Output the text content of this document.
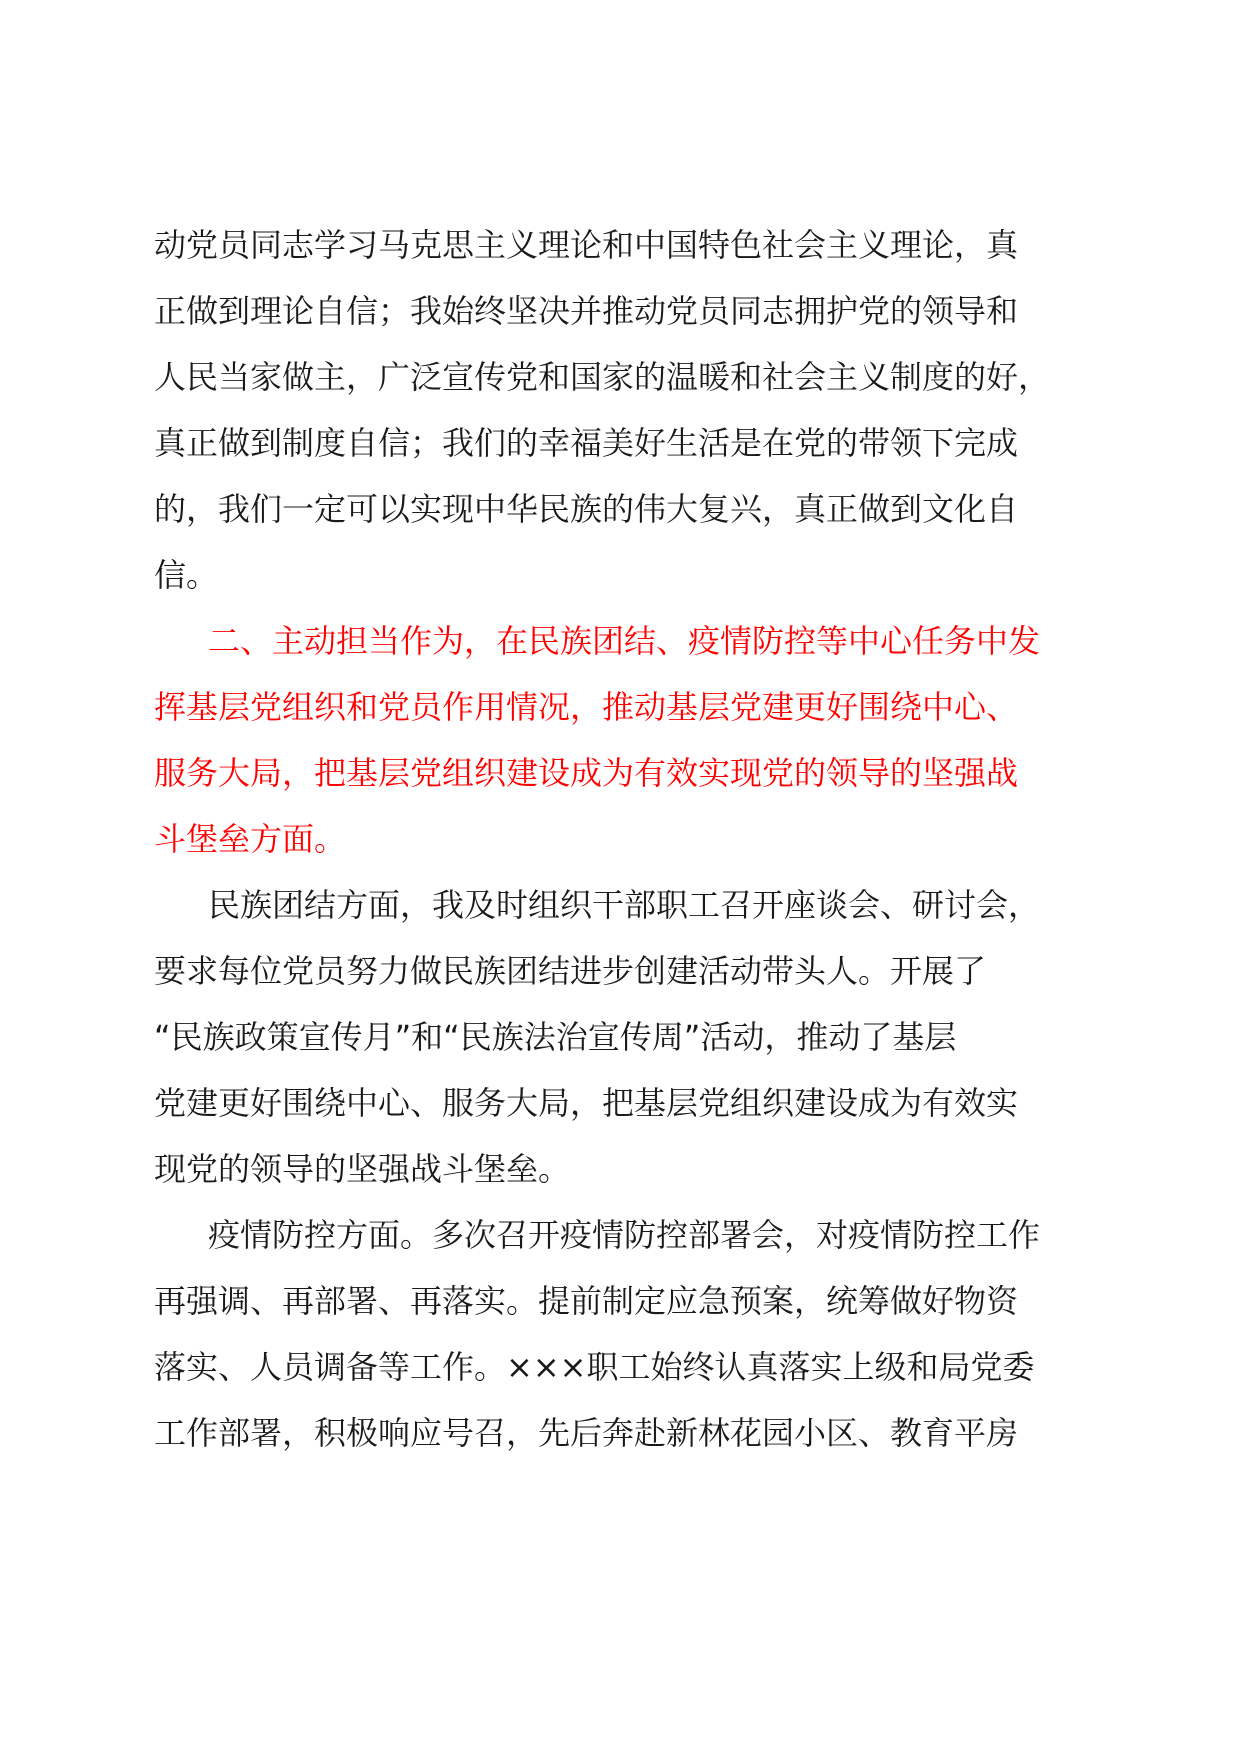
动党员同志学习马克思主义理论和中国特色社会主义理论，真
正做到理论自信；我始终坚决并推动党员同志拥护党的领导和
人民当家做主，广泛宣传党和国家的温暖和社会主义制度的好，
真正做到制度自信；我们的幸福美好生活是在党的带领下完成
的，我们一定可以实现中华民族的伟大复兴，真正做到文化自
信。
二、主动担当作为，在民族团结、疫情防控等中心任务中发
挥基层党组织和党员作用情况，推动基层党建更好围绕中心、
服务大局，把基层党组织建设成为有效实现党的领导的坚强战
斗堡垒方面。
民族团结方面，我及时组织干部职工召开座谈会、研讨会，
要求每位党员努力做民族团结进步创建活动带头人。开展了
“民族政策宣传月”和“民族法治宣传周”活动，推动了基层
党建更好围绕中心、服务大局，把基层党组织建设成为有效实
现党的领导的坚强战斗堡垒。
疫情防控方面。多次召开疫情防控部署会，对疫情防控工作
再强调、再部署、再落实。提前制定应急预案，统筹做好物资
落实、人员调备等工作。×××职工始终认真落实上级和局党委
工作部署，积极响应号召，先后奔赴新林花园小区、教育平房
